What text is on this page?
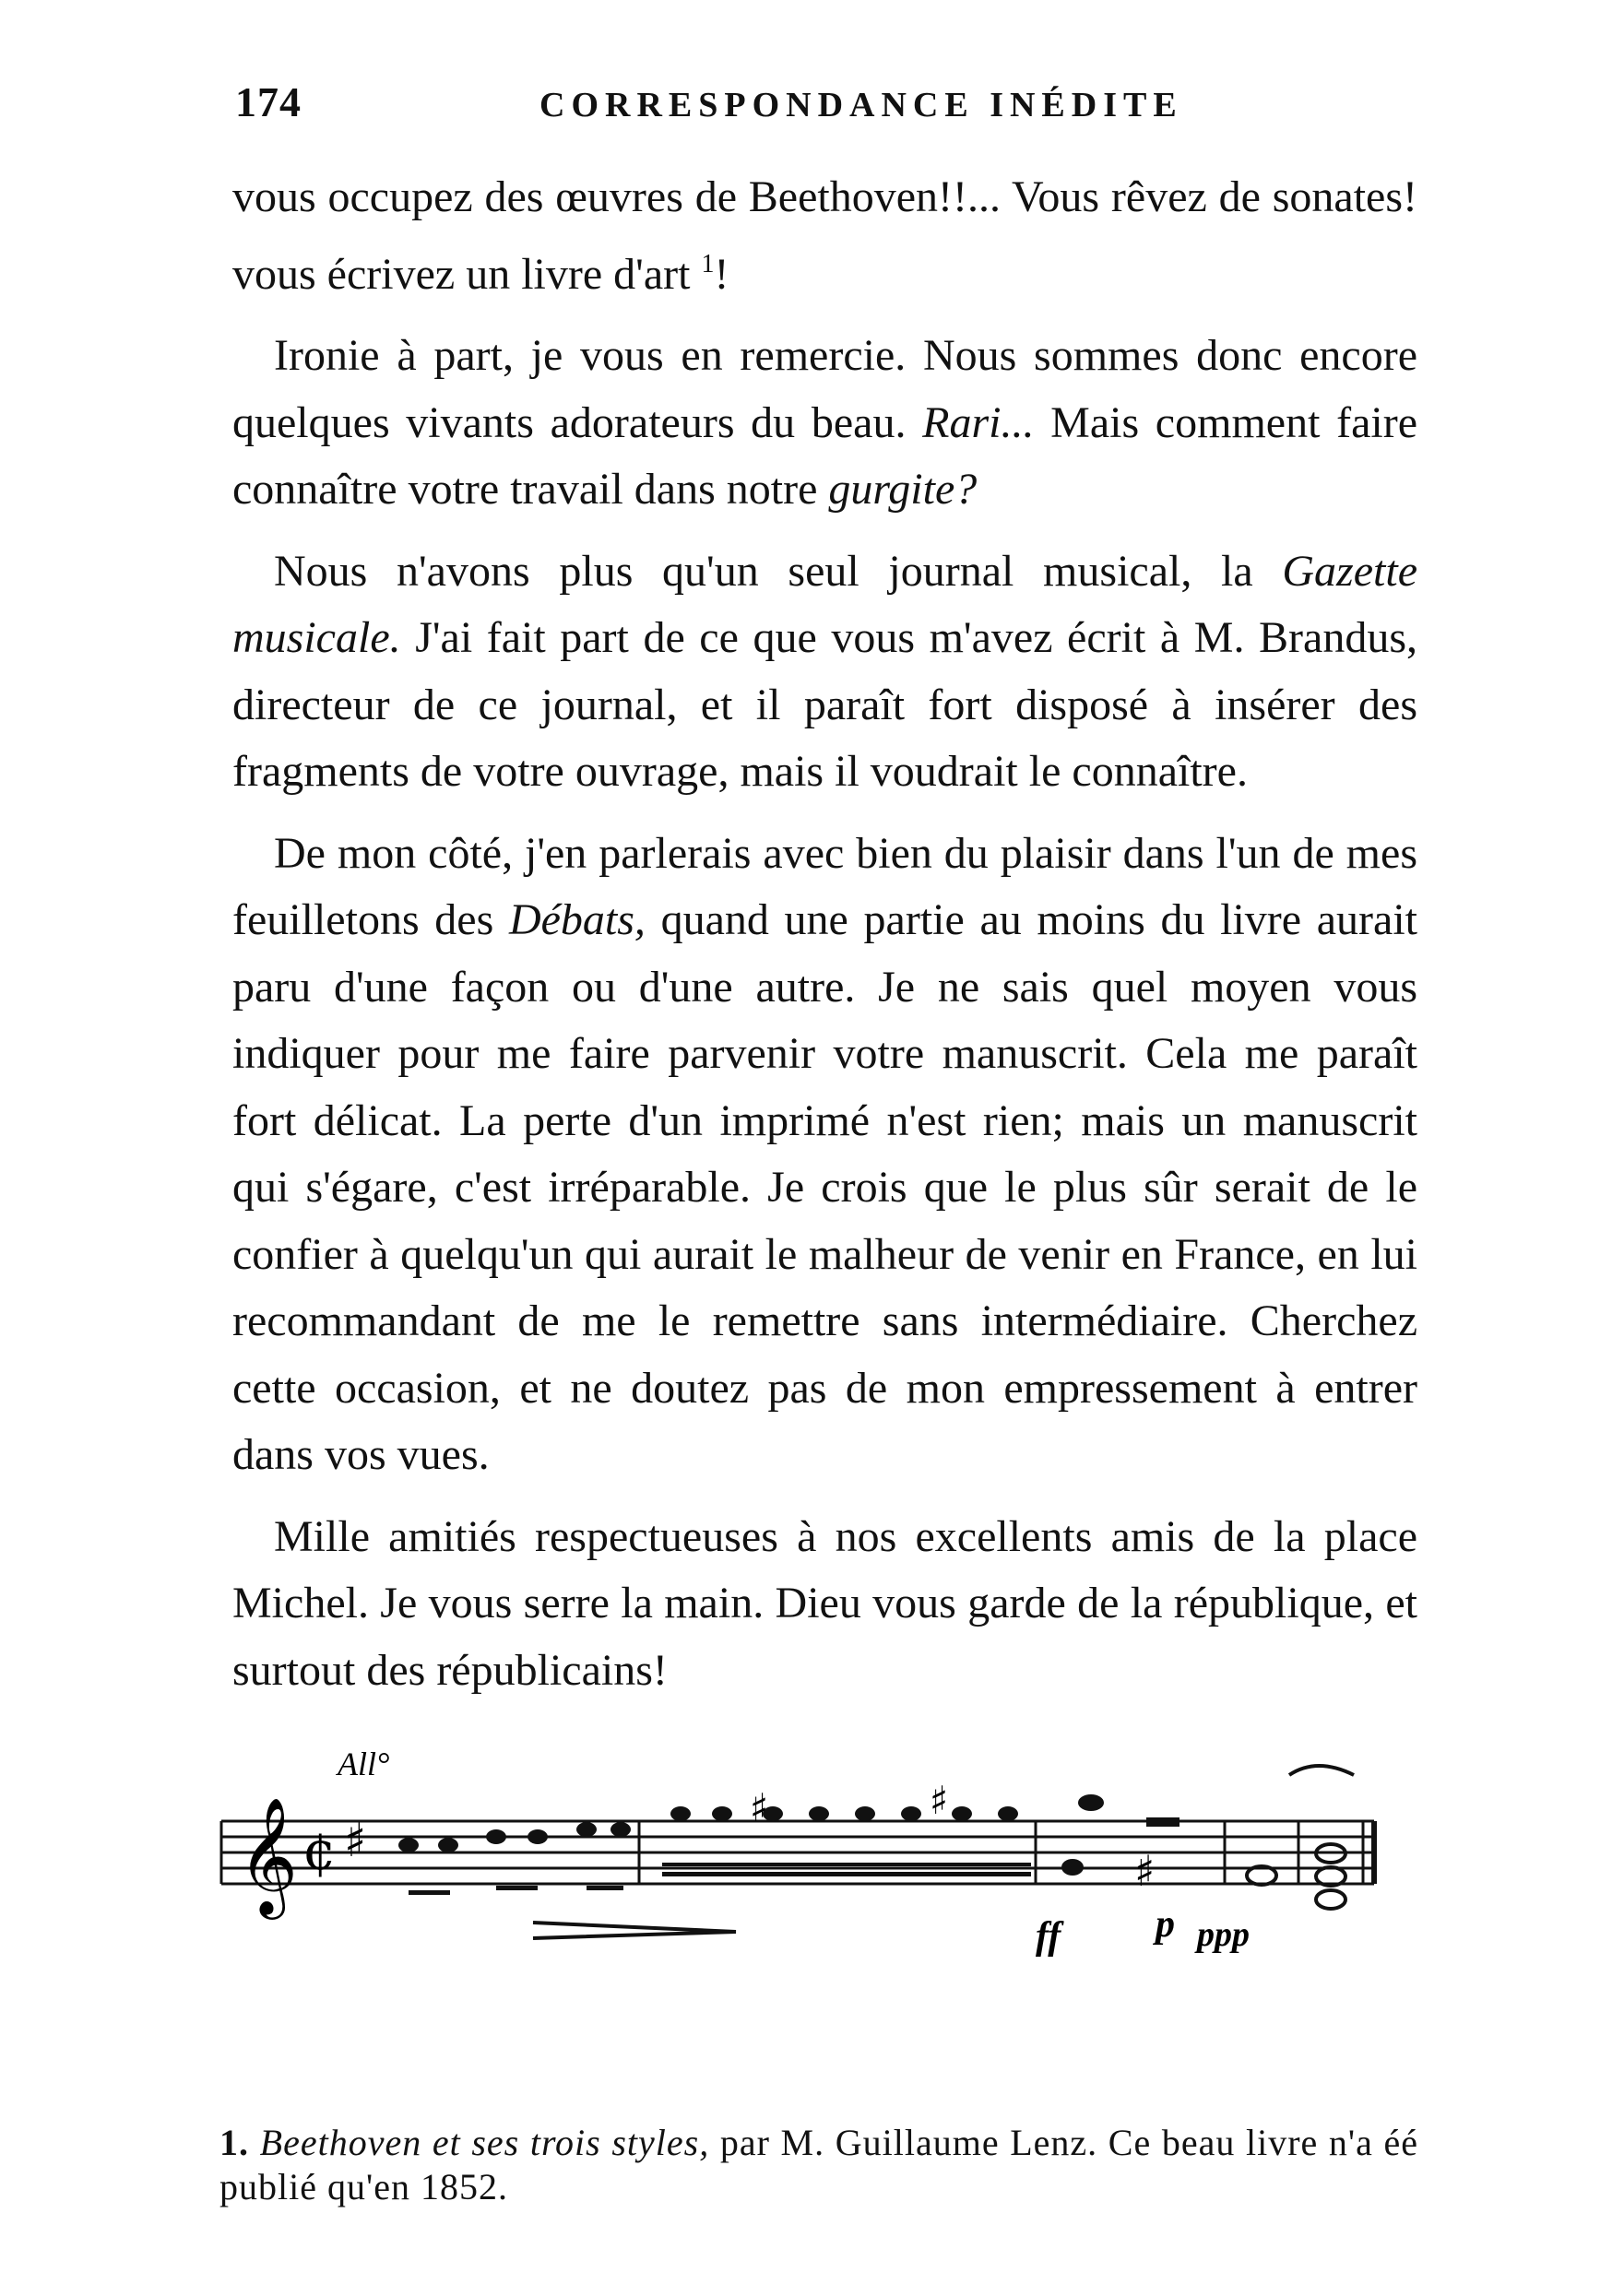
174	CORRESPONDANCE INÉDITE

vous occupez des œuvres de Beethoven!!... Vous rêvez de sonates! vous écrivez un livre d'art $^1$!

Ironie à part, je vous en remercie. Nous sommes donc encore quelques vivants adorateurs du beau. Rari... Mais comment faire connaître votre travail dans notre gurgite?

Nous n'avons plus qu'un seul journal musical, la Gazette musicale. J'ai fait part de ce que vous m'avez écrit à M. Brandus, directeur de ce journal, et il paraît fort disposé à insérer des fragments de votre ouvrage, mais il voudrait le connaître.

De mon côté, j'en parlerais avec bien du plaisir dans l'un de mes feuilletons des Débats, quand une partie au moins du livre aurait paru d'une façon ou d'une autre. Je ne sais quel moyen vous indiquer pour me faire parvenir votre manuscrit. Cela me paraît fort délicat. La perte d'un imprimé n'est rien; mais un manuscrit qui s'égare, c'est irréparable. Je crois que le plus sûr serait de le confier à quelqu'un qui aurait le malheur de venir en France, en lui recommandant de me le remettre sans intermédiaire. Cherchez cette occasion, et ne doutez pas de mon empressement à entrer dans vos vues.

Mille amitiés respectueuses à nos excellents amis de la place Michel. Je vous serre la main. Dieu vous garde de la république, et surtout des républicains!

All°
𝄞 ¢ ♯
♯	♯
♯
ff p ppp

1. Beethoven et ses trois styles, par M. Guillaume Lenz. Ce beau livre n'a éé publié qu'en 1852.
